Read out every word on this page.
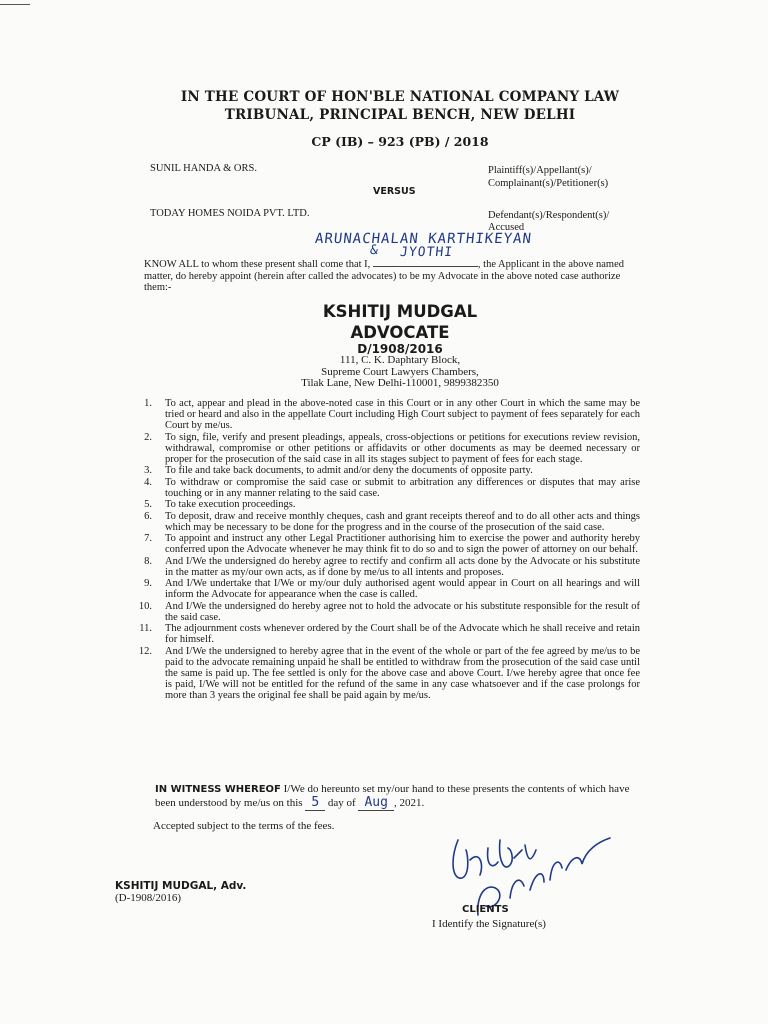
IN THE COURT OF HON'BLE NATIONAL COMPANY LAW
TRIBUNAL, PRINCIPAL BENCH, NEW DELHI
CP (IB) – 923 (PB) / 2018
SUNIL HANDA & ORS.	Plaintiff(s)/Appellant(s)/
Complainant(s)/Petitioner(s)
VERSUS
TODAY HOMES NOIDA PVT. LTD.	Defendant(s)/Respondent(s)/
Accused
ARUNACHALAN KARTHIKEYAN
& JYOTHI
KNOW ALL to whom these present shall come that I,	, the Applicant in the above named matter, do hereby appoint (herein after called the advocates) to be my Advocate in the above noted case authorize them:-
KSHITIJ MUDGAL
ADVOCATE
D/1908/2016
111, C. K. Daphtary Block,
Supreme Court Lawyers Chambers,
Tilak Lane, New Delhi-110001, 9899382350
1. To act, appear and plead in the above-noted case in this Court or in any other Court in which the same may be tried or heard and also in the appellate Court including High Court subject to payment of fees separately for each Court by me/us.
2. To sign, file, verify and present pleadings, appeals, cross-objections or petitions for executions review revision, withdrawal, compromise or other petitions or affidavits or other documents as may be deemed necessary or proper for the prosecution of the said case in all its stages subject to payment of fees for each stage.
3. To file and take back documents, to admit and/or deny the documents of opposite party.
4. To withdraw or compromise the said case or submit to arbitration any differences or disputes that may arise touching or in any manner relating to the said case.
5. To take execution proceedings.
6. To deposit, draw and receive monthly cheques, cash and grant receipts thereof and to do all other acts and things which may be necessary to be done for the progress and in the course of the prosecution of the said case.
7. To appoint and instruct any other Legal Practitioner authorising him to exercise the power and authority hereby conferred upon the Advocate whenever he may think fit to do so and to sign the power of attorney on our behalf.
8. And I/We the undersigned do hereby agree to rectify and confirm all acts done by the Advocate or his substitute in the matter as my/our own acts, as if done by me/us to all intents and proposes.
9. And I/We undertake that I/We or my/our duly authorised agent would appear in Court on all hearings and will inform the Advocate for appearance when the case is called.
10. And I/We the undersigned do hereby agree not to hold the advocate or his substitute responsible for the result of the said case.
11. The adjournment costs whenever ordered by the Court shall be of the Advocate which he shall receive and retain for himself.
12. And I/We the undersigned to hereby agree that in the event of the whole or part of the fee agreed by me/us to be paid to the advocate remaining unpaid he shall be entitled to withdraw from the prosecution of the said case until the same is paid up. The fee settled is only for the above case and above Court. I/we hereby agree that once fee is paid, I/We will not be entitled for the refund of the same in any case whatsoever and if the case prolongs for more than 3 years the original fee shall be paid again by me/us.
IN WITNESS WHEREOF I/We do hereunto set my/our hand to these presents the contents of which have been understood by me/us on this 5 day of Aug , 2021.
Accepted subject to the terms of the fees.
KSHITIJ MUDGAL, Adv.
(D-1908/2016)
CLIENTS
I Identify the Signature(s)
